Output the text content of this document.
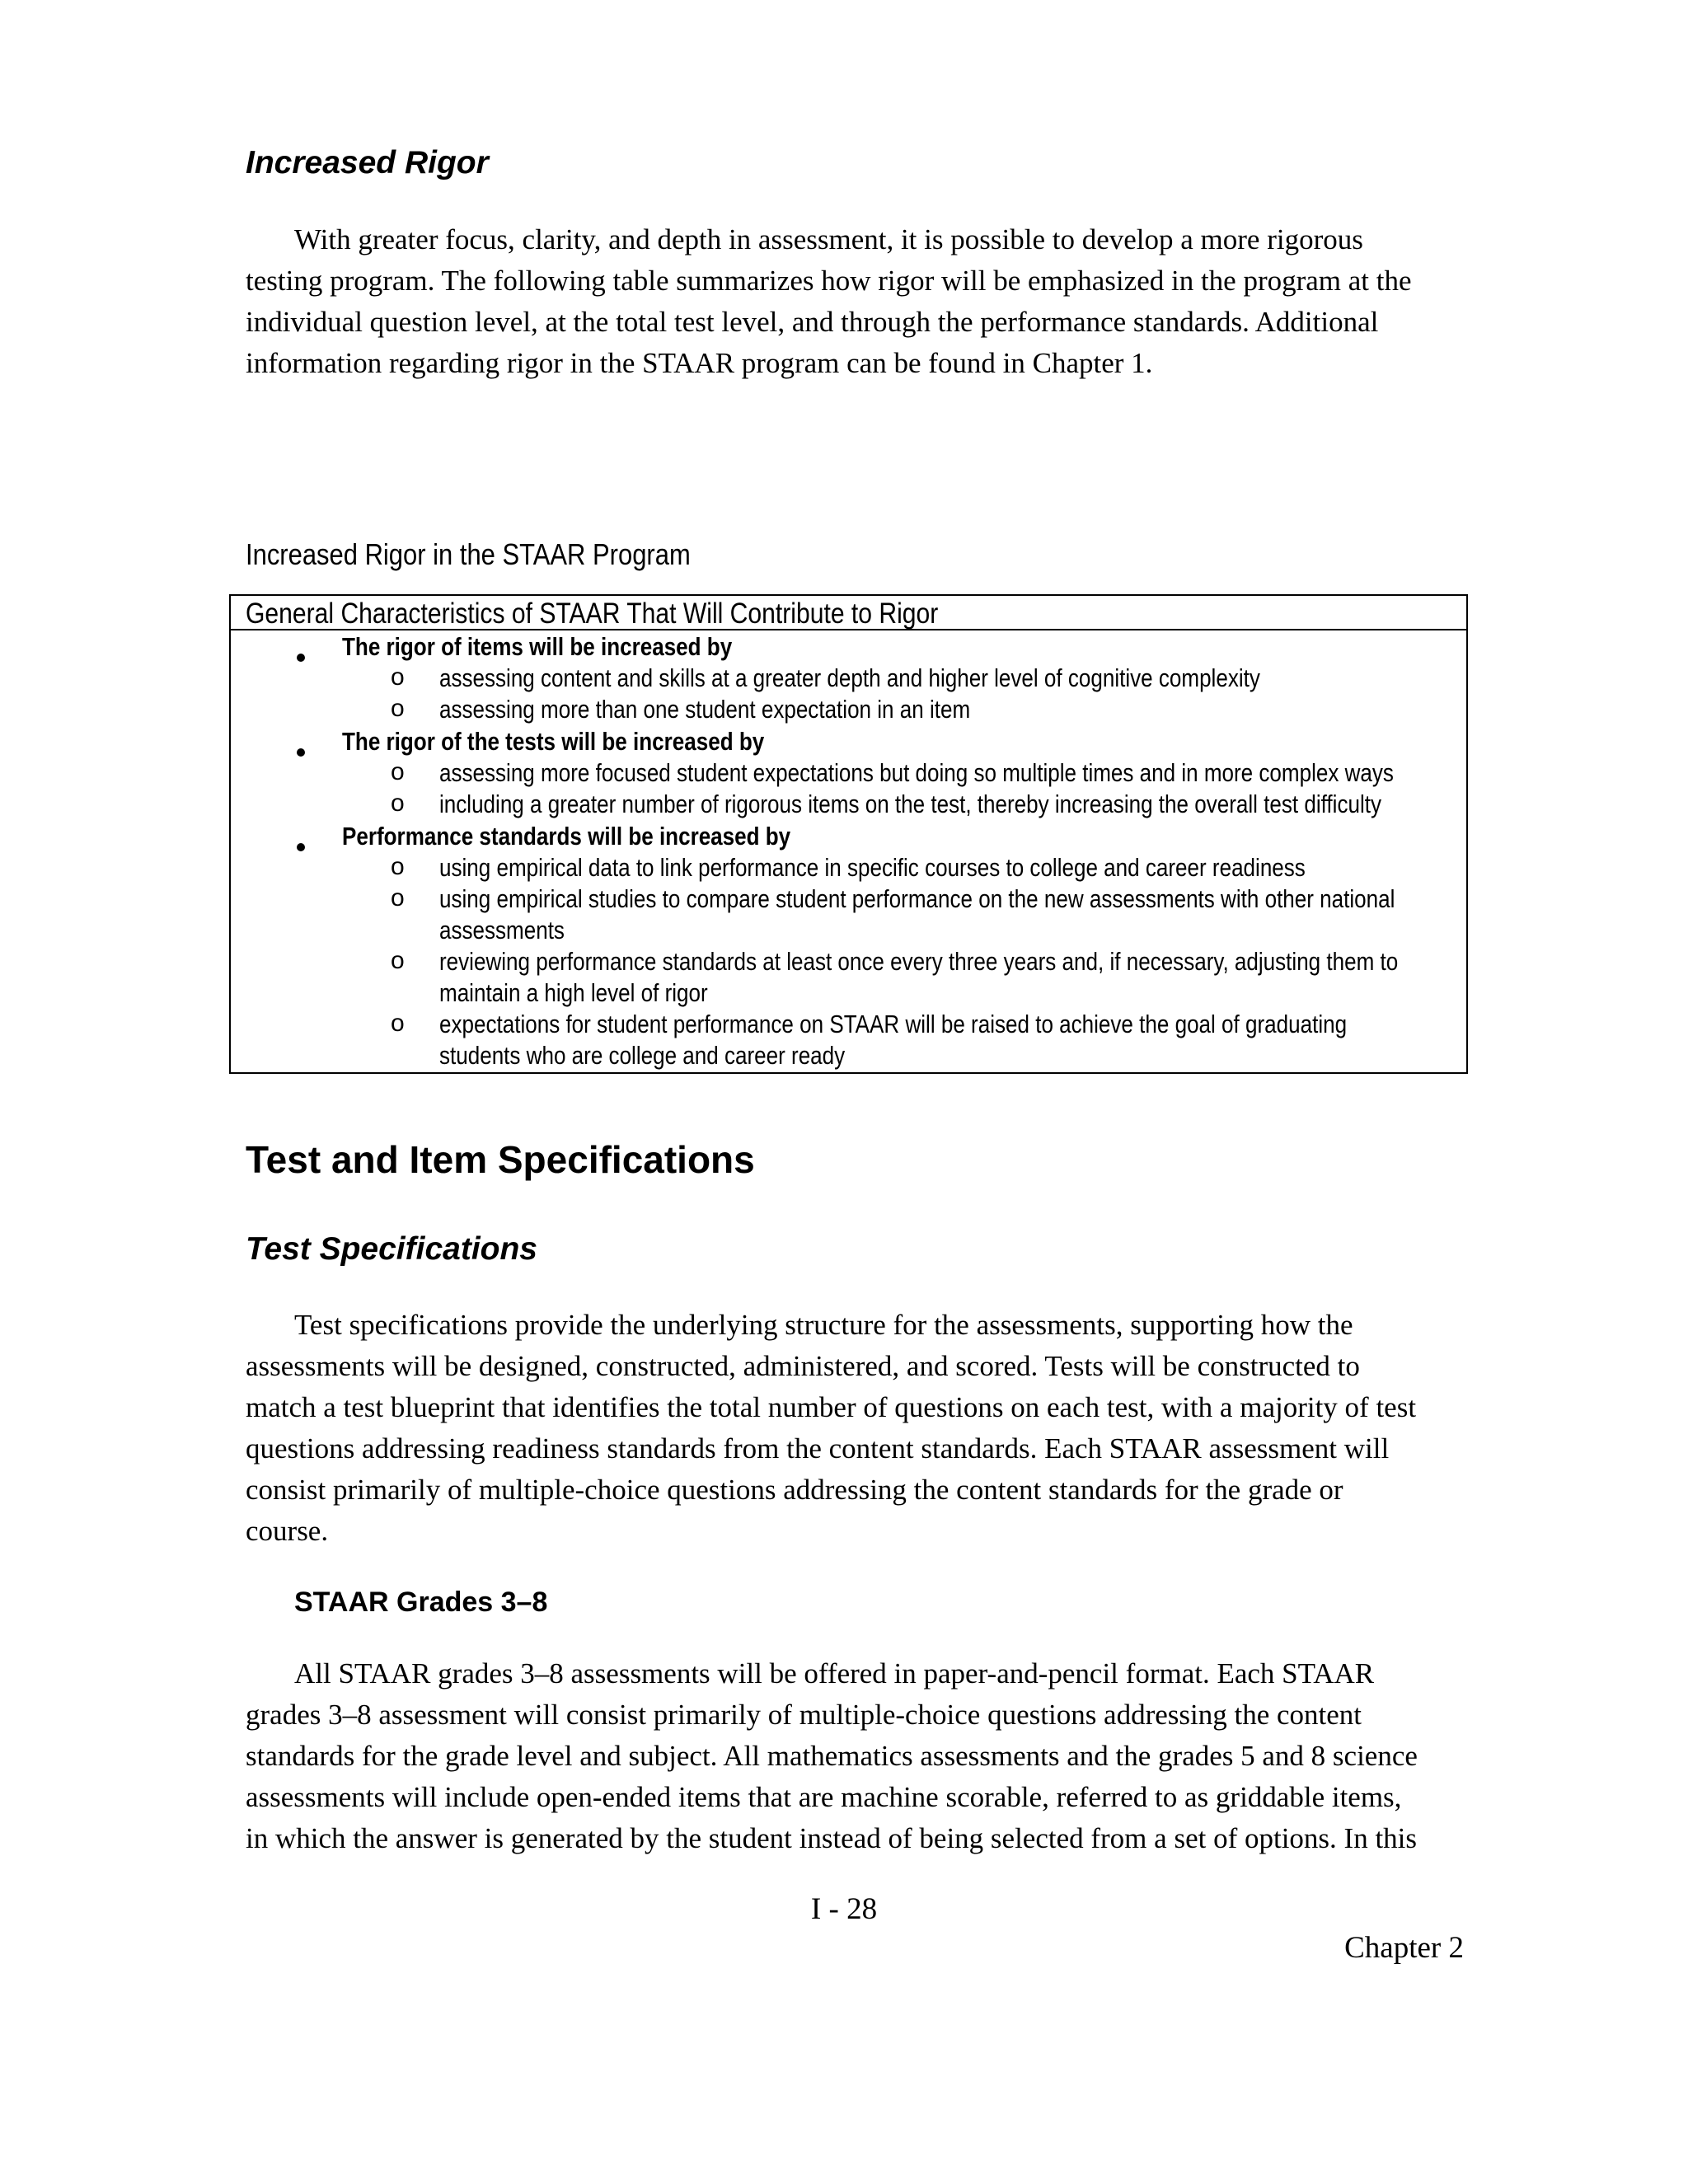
Increased Rigor

With greater focus, clarity, and depth in assessment, it is possible to develop a more rigorous
testing program. The following table summarizes how rigor will be emphasized in the program at the
individual question level, at the total test level, and through the performance standards. Additional
information regarding rigor in the STAAR program can be found in Chapter 1.

Increased Rigor in the STAAR Program
General Characteristics of STAAR That Will Contribute to Rigor
The rigor of items will be increased by
o assessing content and skills at a greater depth and higher level of cognitive complexity
o assessing more than one student expectation in an item
The rigor of the tests will be increased by
o assessing more focused student expectations but doing so multiple times and in more complex ways
o including a greater number of rigorous items on the test, thereby increasing the overall test difficulty
Performance standards will be increased by
o using empirical data to link performance in specific courses to college and career readiness
o using empirical studies to compare student performance on the new assessments with other national
assessments
o reviewing performance standards at least once every three years and, if necessary, adjusting them to
maintain a high level of rigor
o expectations for student performance on STAAR will be raised to achieve the goal of graduating
students who are college and career ready
Test and Item Specifications
Test Specifications

Test specifications provide the underlying structure for the assessments, supporting how the
assessments will be designed, constructed, administered, and scored. Tests will be constructed to
match a test blueprint that identifies the total number of questions on each test, with a majority of test
questions addressing readiness standards from the content standards. Each STAAR assessment will
consist primarily of multiple-choice questions addressing the content standards for the grade or
course.

STAAR Grades 3–8

All STAAR grades 3–8 assessments will be offered in paper-and-pencil format. Each STAAR
grades 3–8 assessment will consist primarily of multiple-choice questions addressing the content
standards for the grade level and subject. All mathematics assessments and the grades 5 and 8 science
assessments will include open-ended items that are machine scorable, referred to as griddable items,
in which the answer is generated by the student instead of being selected from a set of options. In this

I - 28
Chapter 2
